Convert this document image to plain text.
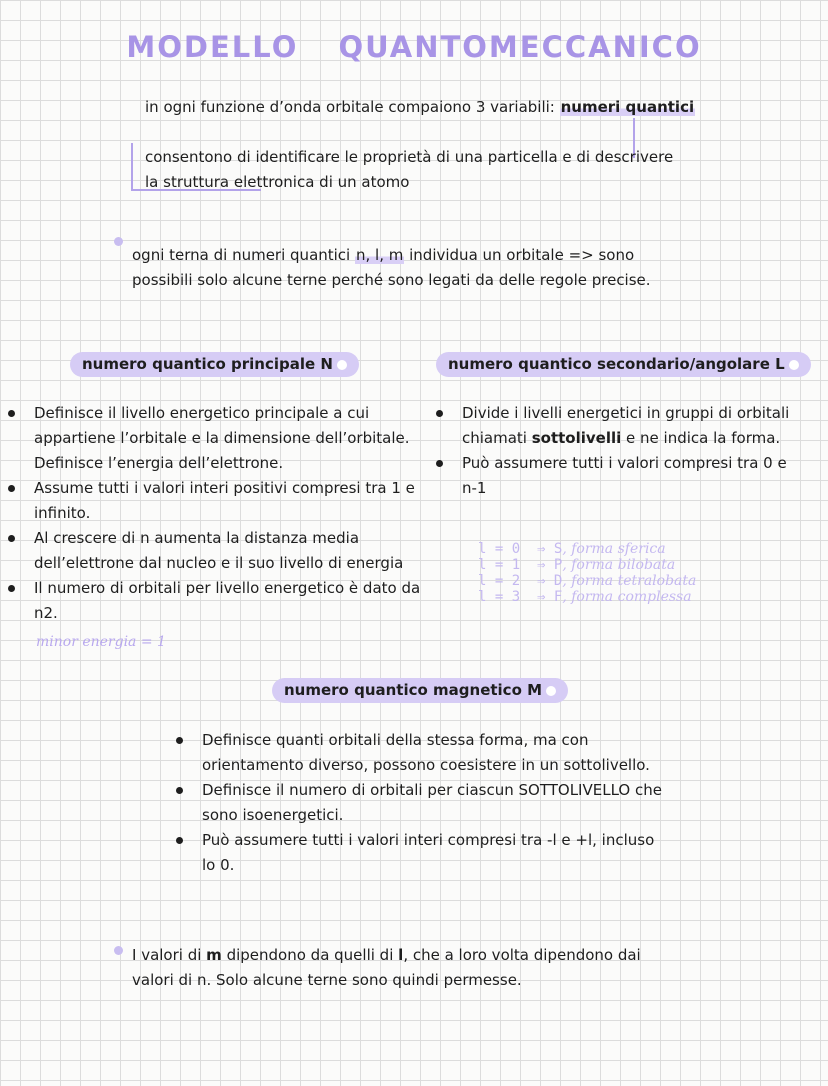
MODELLO QUANTOMECCANICO
in ogni funzione d’onda orbitale compaiono 3 variabili: numeri quantici
consentono di identificare le proprietà di una particella e di descrivere
la struttura elettronica di un atomo
ogni terna di numeri quantici n, l, m individua un orbitale => sono
possibili solo alcune terne perché sono legati da delle regole precise.
numero quantico principale N	numero quantico secondario/angolare L
Definisce il livello energetico principale a cui appartiene l’orbitale e la dimensione dell’orbitale. Definisce l’energia dell’elettrone.
Assume tutti i valori interi positivi compresi tra 1 e infinito.
Al crescere di n aumenta la distanza media dell’elettrone dal nucleo e il suo livello di energia
Il numero di orbitali per livello energetico è dato da n2.
minor energia = 1
Divide i livelli energetici in gruppi di orbitali chiamati sottolivelli e ne indica la forma.
Può assumere tutti i valori compresi tra 0 e n-1
l = 0 ⇒ S, forma sferica
l = 1 ⇒ P, forma bilobata
l = 2 ⇒ D, forma tetralobata
l = 3 ⇒ F, forma complessa
numero quantico magnetico M
Definisce quanti orbitali della stessa forma, ma con orientamento diverso, possono coesistere in un sottolivello.
Definisce il numero di orbitali per ciascun SOTTOLIVELLO che sono isoenergetici.
Può assumere tutti i valori interi compresi tra -l e +l, incluso lo 0.
I valori di m dipendono da quelli di l, che a loro volta dipendono dai
valori di n. Solo alcune terne sono quindi permesse.
